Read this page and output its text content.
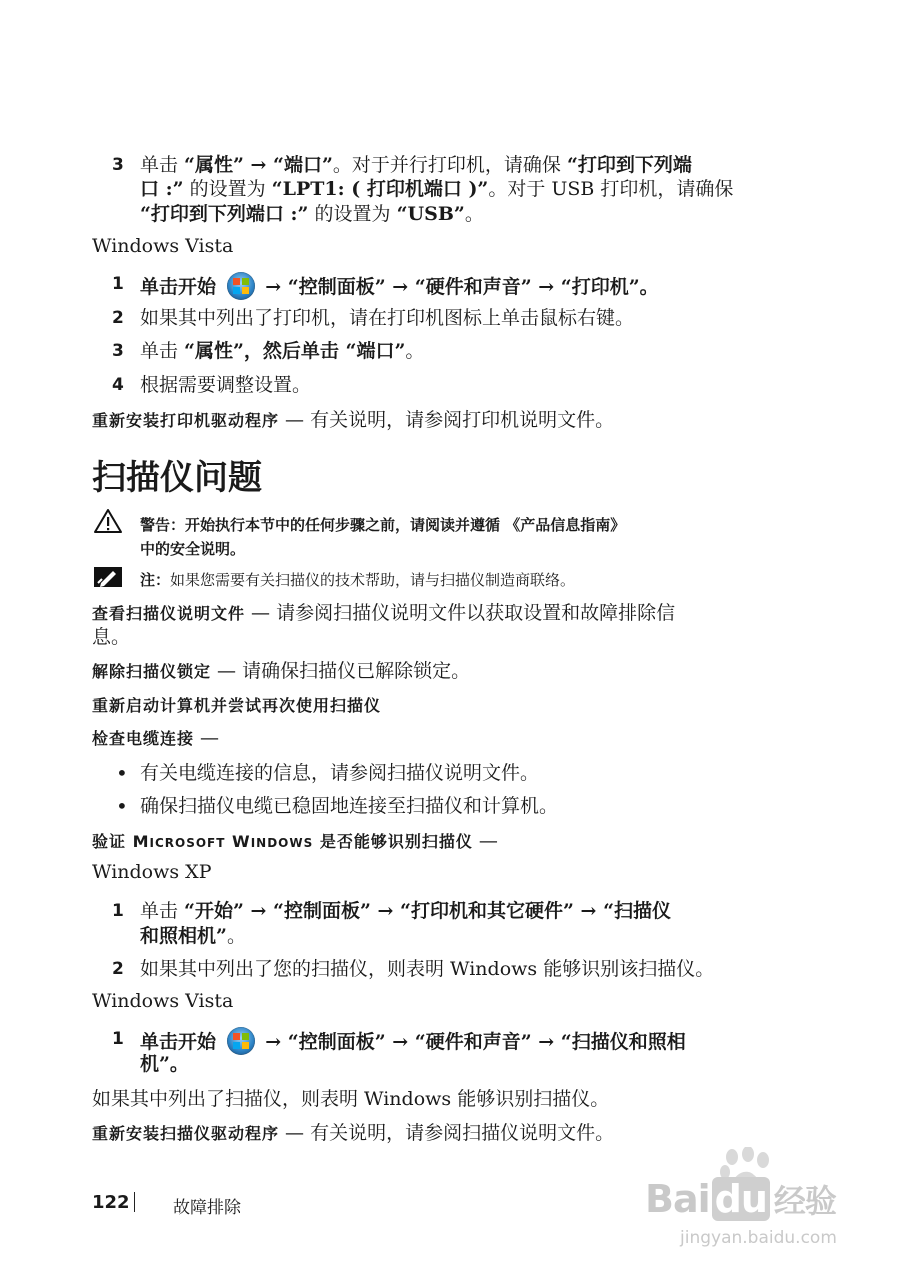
3 单击 “属性” → “端口”。对于并行打印机，请确保 “打印到下列端
口 :” 的设置为 “LPT1: ( 打印机端口 )”。对于 USB 打印机，请确保
“打印到下列端口 :” 的设置为 “USB”。
Windows Vista
1 单击开始
→ “控制面板” → “硬件和声音” → “打印机”。
2 如果其中列出了打印机，请在打印机图标上单击鼠标右键。
3 单击 “属性”，然后单击 “端口”。
4 根据需要调整设置。
重新安装打印机驱动程序 — 有关说明，请参阅打印机说明文件。
扫描仪问题
警告：开始执行本节中的任何步骤之前，请阅读并遵循 《产品信息指南》
中的安全说明。
注：如果您需要有关扫描仪的技术帮助，请与扫描仪制造商联络。
查看扫描仪说明文件 — 请参阅扫描仪说明文件以获取设置和故障排除信
息。
解除扫描仪锁定 — 请确保扫描仪已解除锁定。
重新启动计算机并尝试再次使用扫描仪
检查电缆连接 —
• 有关电缆连接的信息，请参阅扫描仪说明文件。
• 确保扫描仪电缆已稳固地连接至扫描仪和计算机。
验证 MICROSOFT WINDOWS 是否能够识别扫描仪 —
Windows XP
1 单击 “开始” → “控制面板” → “打印机和其它硬件” → “扫描仪
和照相机”。
2 如果其中列出了您的扫描仪，则表明 Windows 能够识别该扫描仪。
Windows Vista
1 单击开始
→ “控制面板” → “硬件和声音” → “扫描仪和照相
机”。
如果其中列出了扫描仪，则表明 Windows 能够识别扫描仪。
重新安装扫描仪驱动程序 — 有关说明，请参阅扫描仪说明文件。
122	故障排除	Bai du 经验
jingyan.baidu.com
